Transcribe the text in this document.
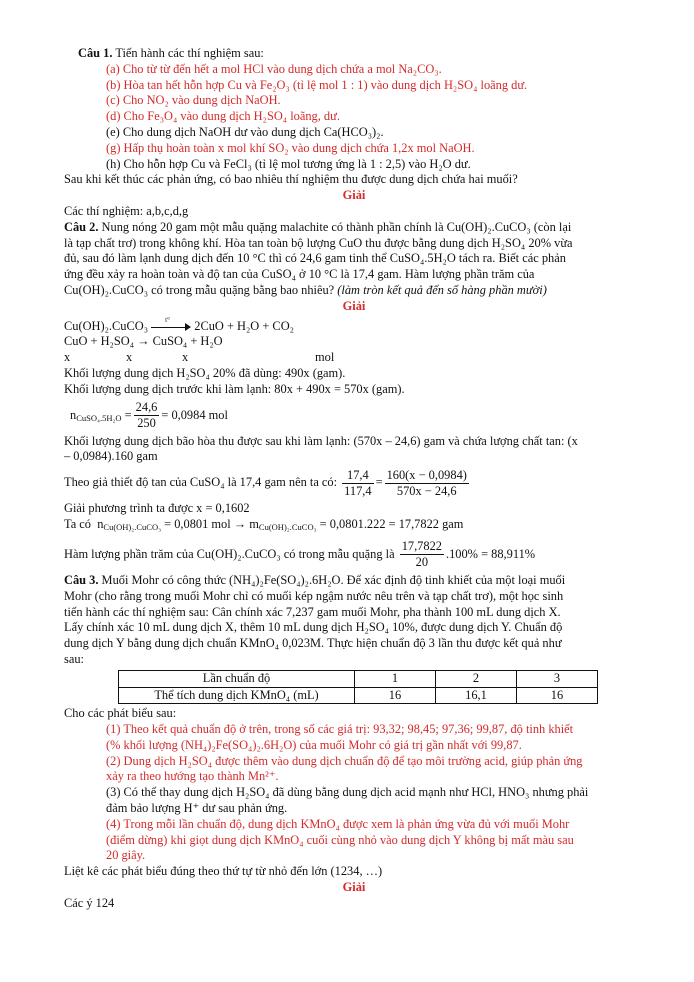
Câu 1. Tiến hành các thí nghiệm sau:
(a) Cho từ từ đến hết a mol HCl vào dung dịch chứa a mol Na₂CO₃.
(b) Hòa tan hết hỗn hợp Cu và Fe₂O₃ (tỉ lệ mol 1 : 1) vào dung dịch H₂SO₄ loãng dư.
(c) Cho NO₂ vào dung dịch NaOH.
(d) Cho Fe₃O₄ vào dung dịch H₂SO₄ loãng, dư.
(e) Cho dung dịch NaOH dư vào dung dịch Ca(HCO₃)₂.
(g) Hấp thụ hoàn toàn x mol khí SO₂ vào dung dịch chứa 1,2x mol NaOH.
(h) Cho hỗn hợp Cu và FeCl₃ (tỉ lệ mol tương ứng là 1 : 2,5) vào H₂O dư.
Sau khi kết thúc các phản ứng, có bao nhiêu thí nghiệm thu được dung dịch chứa hai muối?
Giải
Các thí nghiệm: a,b,c,d,g
Câu 2. Nung nóng 20 gam một mẫu quặng malachite có thành phần chính là Cu(OH)₂.CuCO₃ (còn lại
là tạp chất trơ) trong không khí. Hòa tan toàn bộ lượng CuO thu được bằng dung dịch H₂SO₄ 20% vừa
đủ, sau đó làm lạnh dung dịch đến 10 °C thì có 24,6 gam tinh thể CuSO₄.5H₂O tách ra. Biết các phản
ứng đều xảy ra hoàn toàn và độ tan của CuSO₄ ở 10 °C là 17,4 gam. Hàm lượng phần trăm của
Cu(OH)₂.CuCO₃ có trong mẫu quặng bằng bao nhiêu? (làm tròn kết quả đến số hàng phần mười)
Giải
Cu(OH)₂.CuCO₃ t° 2CuO + H₂O + CO₂
CuO + H₂SO₄ → CuSO₄ + H₂O
x	x	x	mol
Khối lượng dung dịch H₂SO₄ 20% đã dùng: 490x (gam).
Khối lượng dung dịch trước khi làm lạnh: 80x + 490x = 570x (gam).
$n_{CuSO_4.5H_2O} = \frac{24,6}{250} = 0,0984$ mol
Khối lượng dung dịch bão hòa thu được sau khi làm lạnh: (570x – 24,6) gam và chứa lượng chất tan: (x
– 0,0984).160 gam
Theo giả thiết độ tan của CuSO₄ là 17,4 gam nên ta có:
$\frac{17,4}{117,4} = \frac{160(x - 0,0984)}{570x - 24,6}$
Giải phương trình ta được x = 0,1602
Ta có $n_{Cu(OH)_2.CuCO_3} = 0,0801$ mol → $m_{Cu(OH)_2.CuCO_3} = 0,0801.222 = 17,7822$ gam
Hàm lượng phần trăm của Cu(OH)₂.CuCO₃ có trong mẫu quặng là
$\frac{17,7822}{20} .100\% = 88,911\%$
Câu 3. Muối Mohr có công thức (NH₄)₂Fe(SO₄)₂.6H₂O. Để xác định độ tinh khiết của một loại muối
Mohr (cho rằng trong muối Mohr chỉ có muối kép ngậm nước nêu trên và tạp chất trơ), một học sinh
tiến hành các thí nghiệm sau: Cân chính xác 7,237 gam muối Mohr, pha thành 100 mL dung dịch X.
Lấy chính xác 10 mL dung dịch X, thêm 10 mL dung dịch H₂SO₄ 10%, được dung dịch Y. Chuẩn độ
dung dịch Y bằng dung dịch chuẩn KMnO₄ 0,023M. Thực hiện chuẩn độ 3 lần thu được kết quả như
sau:
Lần chuẩn độ	1	2	3
Thể tích dung dịch KMnO₄ (mL)	16	16,1	16
Cho các phát biểu sau:
(1) Theo kết quả chuẩn độ ở trên, trong số các giá trị: 93,32; 98,45; 97,36; 99,87, độ tinh khiết
(% khối lượng (NH₄)₂Fe(SO₄)₂.6H₂O) của muối Mohr có giá trị gần nhất với 99,87.
(2) Dung dịch H₂SO₄ được thêm vào dung dịch chuẩn độ để tạo môi trường acid, giúp phản ứng
xảy ra theo hướng tạo thành Mn²⁺.
(3) Có thể thay dung dịch H₂SO₄ đã dùng bằng dung dịch acid mạnh như HCl, HNO₃ nhưng phải
đảm bảo lượng H⁺ dư sau phản ứng.
(4) Trong mỗi lần chuẩn độ, dung dịch KMnO₄ được xem là phản ứng vừa đủ với muối Mohr
(điểm dừng) khi giọt dung dịch KMnO₄ cuối cùng nhỏ vào dung dịch Y không bị mất màu sau
20 giây.
Liệt kê các phát biểu đúng theo thứ tự từ nhỏ đến lớn (1234, …)
Giải
Các ý 124
